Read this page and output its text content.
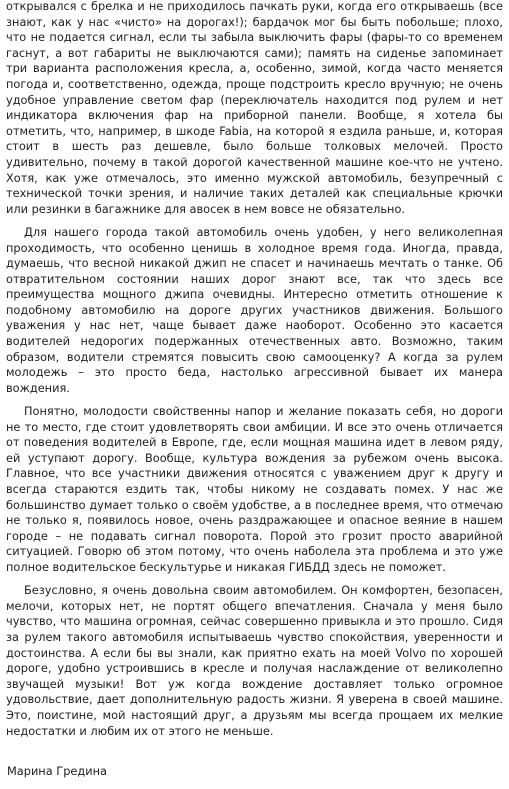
открывался с брелка и не приходилось пачкать руки, когда его открываешь (все знают, как у нас «чисто» на дорогах!); бардачок мог бы быть побольше; плохо, что не подается сигнал, если ты забыла выключить фары (фары-то со временем гаснут, а вот габариты не выключаются сами); память на сиденье запоминает три варианта расположения кресла, а, особенно, зимой, когда часто меняется погода и, соответственно, одежда, проще подстроить кресло вручную; не очень удобное управление светом фар (переключатель находится под рулем и нет индикатора включения фар на приборной панели. Вообще, я хотела бы отметить, что, например, в шкоде Fabia, на которой я ездила раньше, и, которая стоит в шесть раз дешевле, было больше толковых мелочей. Просто удивительно, почему в такой дорогой качественной машине кое-что не учтено. Хотя, как уже отмечалось, это именно мужской автомобиль, безупречный с технической точки зрения, и наличие таких деталей как специальные крючки или резинки в багажнике для авосек в нем вовсе не обязательно.

Для нашего города такой автомобиль очень удобен, у него великолепная проходимость, что особенно ценишь в холодное время года. Иногда, правда, думаешь, что весной никакой джип не спасет и начинаешь мечтать о танке. Об отвратительном состоянии наших дорог знают все, так что здесь все преимущества мощного джипа очевидны. Интересно отметить отношение к подобному автомобилю на дороге других участников движения. Большого уважения у нас нет, чаще бывает даже наоборот. Особенно это касается водителей недорогих подержанных отечественных авто. Возможно, таким образом, водители стремятся повысить свою самооценку? А когда за рулем молодежь – это просто беда, настолько агрессивной бывает их манера вождения.

Понятно, молодости свойственны напор и желание показать себя, но дороги не то место, где стоит удовлетворять свои амбиции. И все это очень отличается от поведения водителей в Европе, где, если мощная машина идет в левом ряду, ей уступают дорогу. Вообще, культура вождения за рубежом очень высока. Главное, что все участники движения относятся с уважением друг к другу и всегда стараются ездить так, чтобы никому не создавать помех. У нас же большинство думает только о своём удобстве, а в последнее время, что отмечаю не только я, появилось новое, очень раздражающее и опасное веяние в нашем городе – не подавать сигнал поворота. Порой это грозит просто аварийной ситуацией. Говорю об этом потому, что очень наболела эта проблема и это уже полное водительское бескультурье и никакая ГИБДД здесь не поможет.

Безусловно, я очень довольна своим автомобилем. Он комфортен, безопасен, мелочи, которых нет, не портят общего впечатления. Сначала у меня было чувство, что машина огромная, сейчас совершенно привыкла и это прошло. Сидя за рулем такого автомобиля испытываешь чувство спокойствия, уверенности и достоинства. А если бы вы знали, как приятно ехать на моей Volvo по хорошей дороге, удобно устроившись в кресле и получая наслаждение от великолепно звучащей музыки! Вот уж когда вождение доставляет только огромное удовольствие, дает дополнительную радость жизни. Я уверена в своей машине. Это, поистине, мой настоящий друг, а друзьям мы всегда прощаем их мелкие недостатки и любим их от этого не меньше.

Марина Гредина
